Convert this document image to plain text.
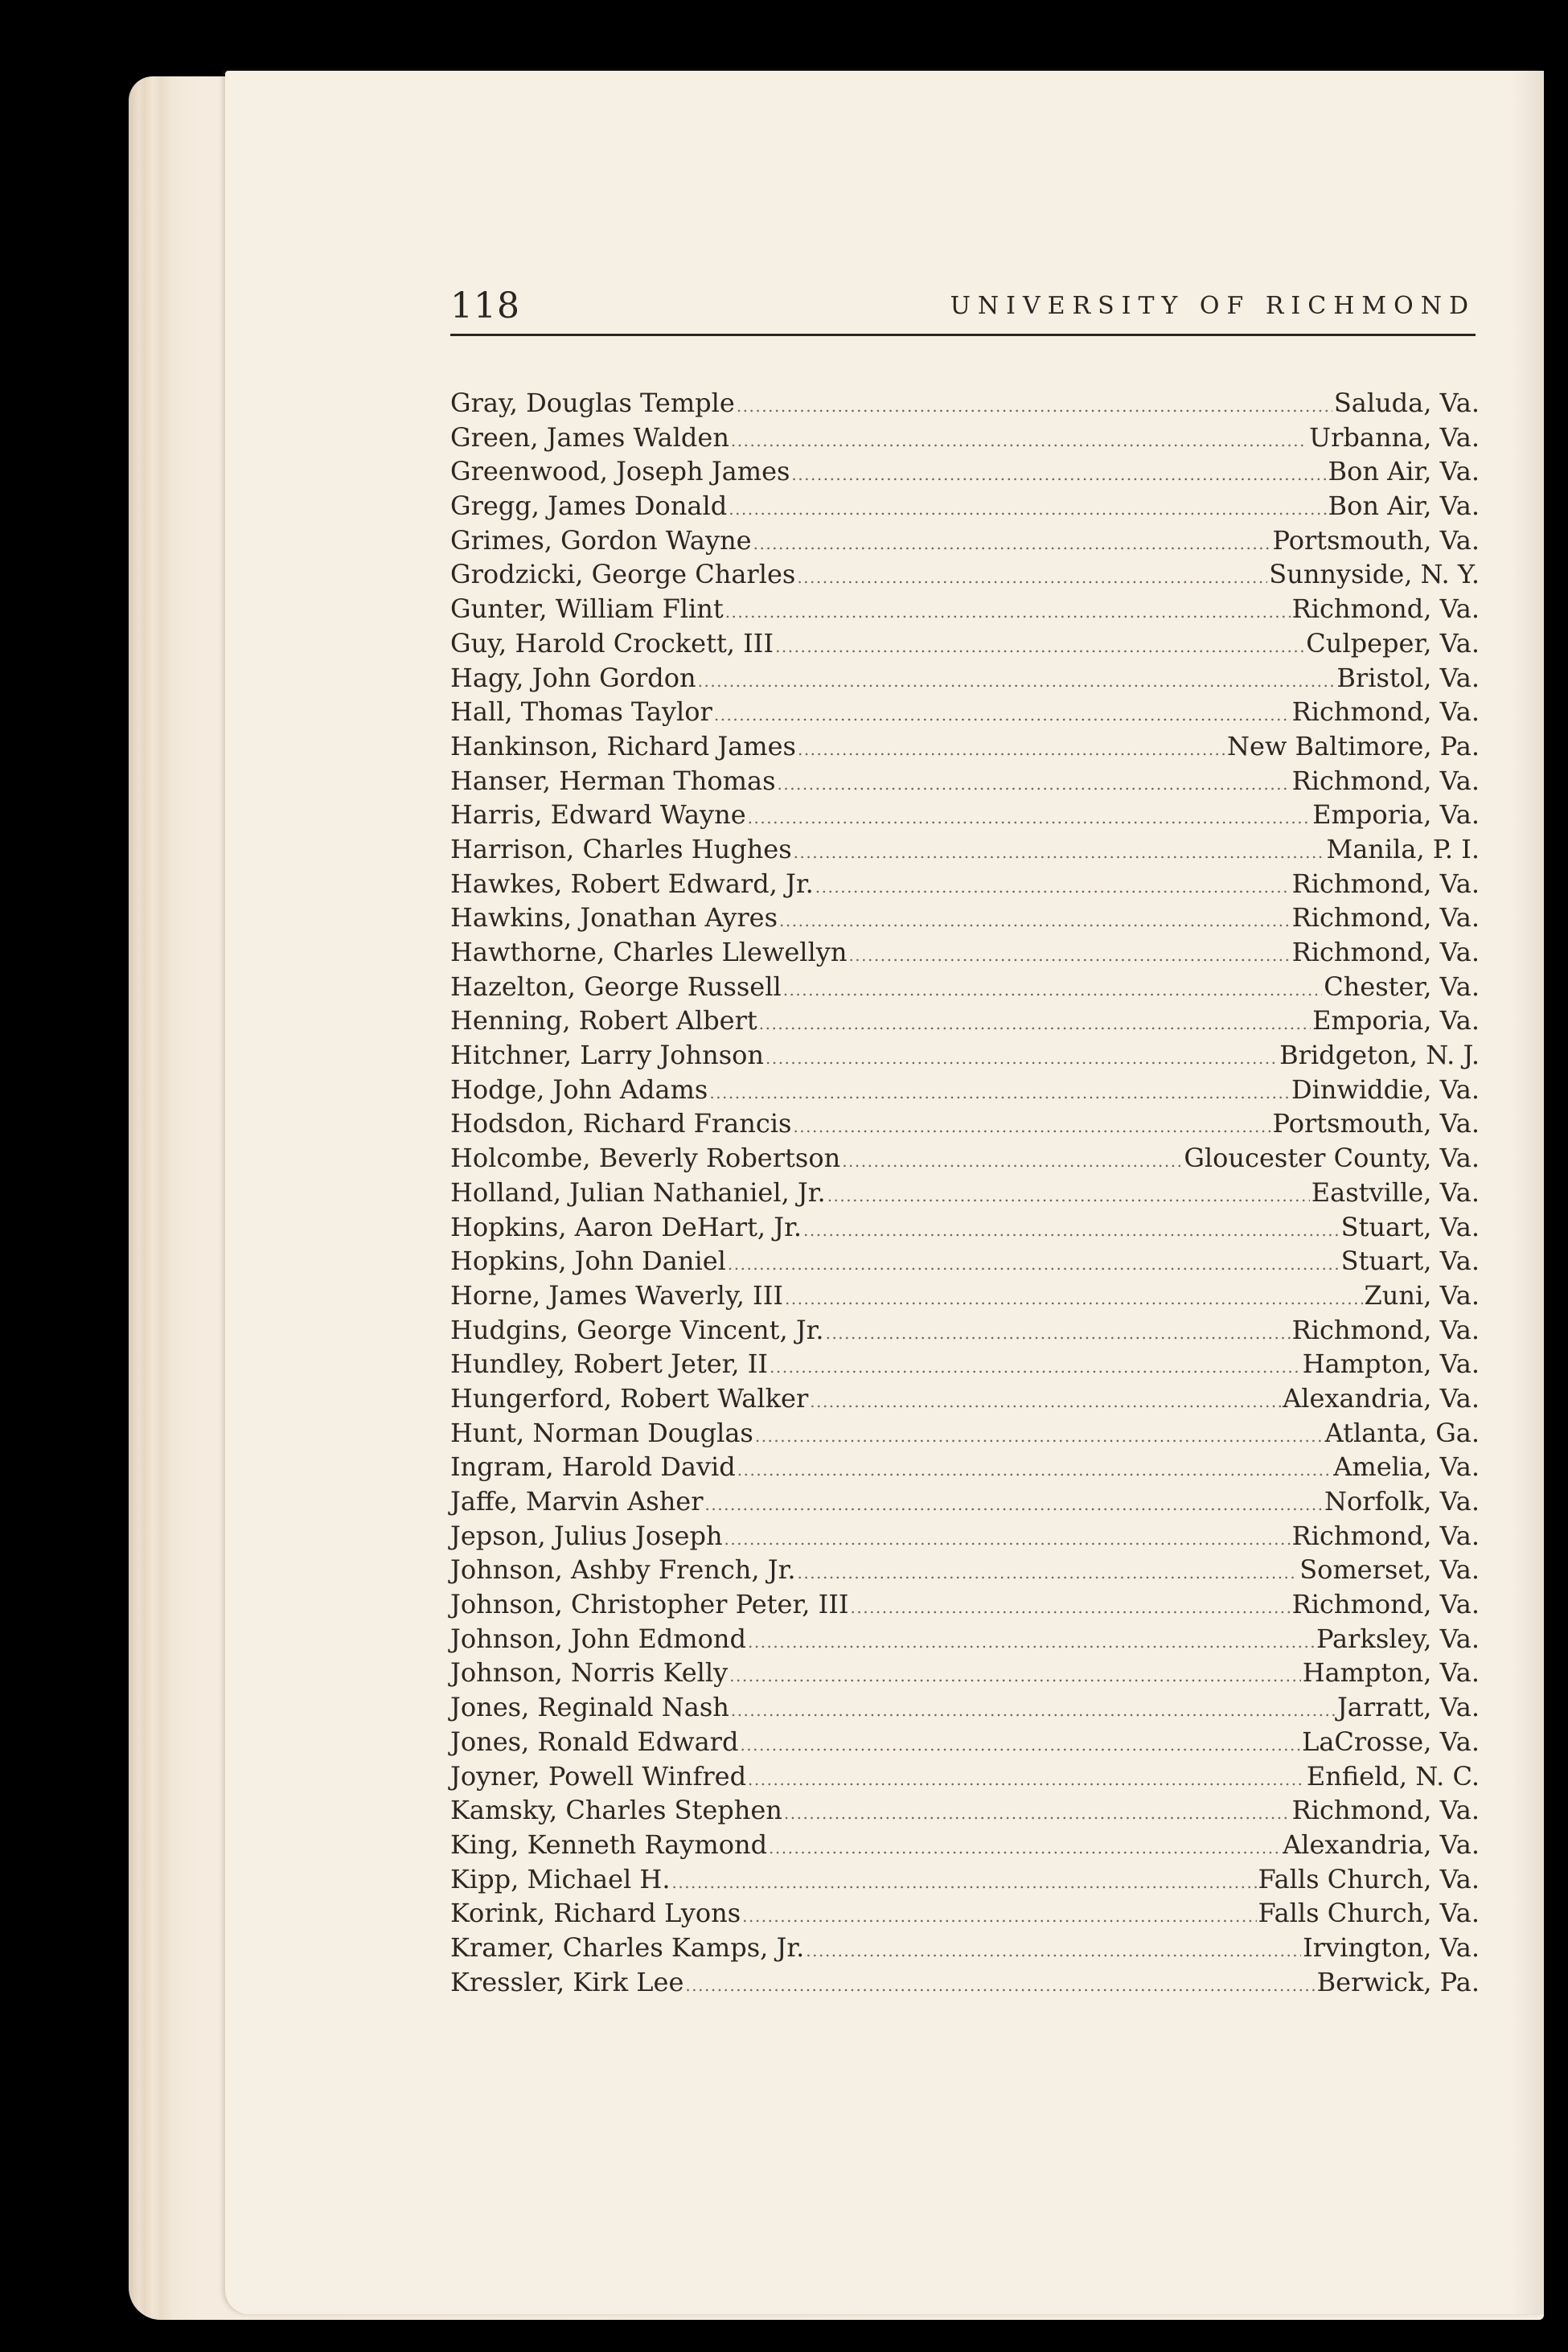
118	UNIVERSITY OF RICHMOND
Gray, Douglas Temple .....	Saluda, Va.
Green, James Walden .....	Urbanna, Va.
Greenwood, Joseph James .....	Bon Air, Va.
Gregg, James Donald .....	Bon Air, Va.
Grimes, Gordon Wayne .....	Portsmouth, Va.
Grodzicki, George Charles .....	Sunnyside, N. Y.
Gunter, William Flint .....	Richmond, Va.
Guy, Harold Crockett, III .....	Culpeper, Va.
Hagy, John Gordon .....	Bristol, Va.
Hall, Thomas Taylor .....	Richmond, Va.
Hankinson, Richard James .....	New Baltimore, Pa.
Hanser, Herman Thomas .....	Richmond, Va.
Harris, Edward Wayne .....	Emporia, Va.
Harrison, Charles Hughes .....	Manila, P. I.
Hawkes, Robert Edward, Jr. .....	Richmond, Va.
Hawkins, Jonathan Ayres .....	Richmond, Va.
Hawthorne, Charles Llewellyn .....	Richmond, Va.
Hazelton, George Russell .....	Chester, Va.
Henning, Robert Albert .....	Emporia, Va.
Hitchner, Larry Johnson .....	Bridgeton, N. J.
Hodge, John Adams .....	Dinwiddie, Va.
Hodsdon, Richard Francis .....	Portsmouth, Va.
Holcombe, Beverly Robertson .....	Gloucester County, Va.
Holland, Julian Nathaniel, Jr. .....	Eastville, Va.
Hopkins, Aaron DeHart, Jr. .....	Stuart, Va.
Hopkins, John Daniel .....	Stuart, Va.
Horne, James Waverly, III .....	Zuni, Va.
Hudgins, George Vincent, Jr. .....	Richmond, Va.
Hundley, Robert Jeter, II .....	Hampton, Va.
Hungerford, Robert Walker .....	Alexandria, Va.
Hunt, Norman Douglas .....	Atlanta, Ga.
Ingram, Harold David .....	Amelia, Va.
Jaffe, Marvin Asher .....	Norfolk, Va.
Jepson, Julius Joseph .....	Richmond, Va.
Johnson, Ashby French, Jr. .....	Somerset, Va.
Johnson, Christopher Peter, III .....	Richmond, Va.
Johnson, John Edmond .....	Parksley, Va.
Johnson, Norris Kelly .....	Hampton, Va.
Jones, Reginald Nash .....	Jarratt, Va.
Jones, Ronald Edward .....	LaCrosse, Va.
Joyner, Powell Winfred .....	Enfield, N. C.
Kamsky, Charles Stephen .....	Richmond, Va.
King, Kenneth Raymond .....	Alexandria, Va.
Kipp, Michael H. .....	Falls Church, Va.
Korink, Richard Lyons .....	Falls Church, Va.
Kramer, Charles Kamps, Jr. .....	Irvington, Va.
Kressler, Kirk Lee .....	Berwick, Pa.
